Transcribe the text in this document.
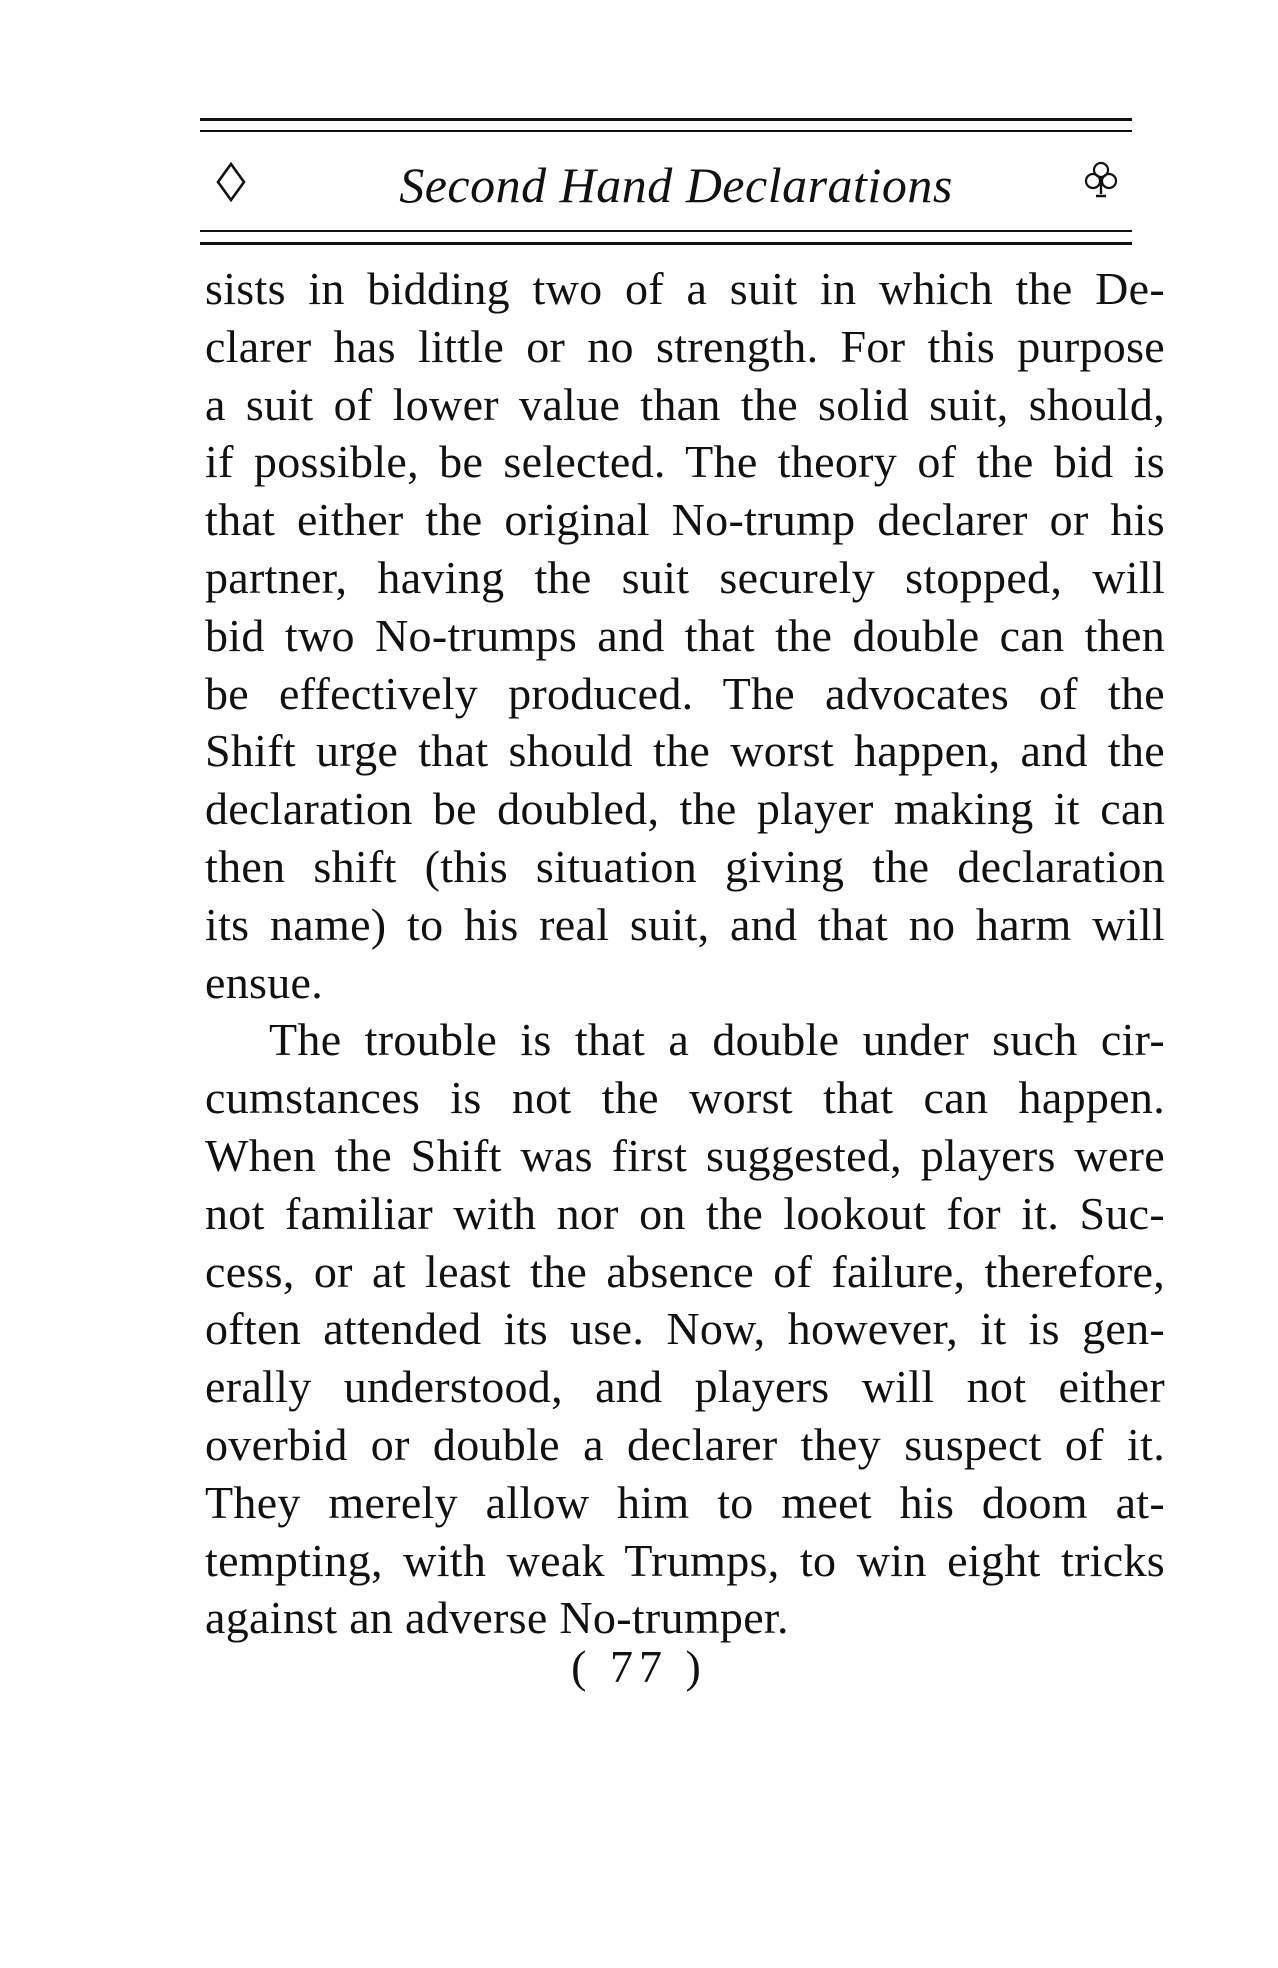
Second Hand Declarations
sists in bidding two of a suit in which the De-
clarer has little or no strength. For this purpose
a suit of lower value than the solid suit, should,
if possible, be selected. The theory of the bid is
that either the original No-trump declarer or his
partner, having the suit securely stopped, will
bid two No-trumps and that the double can then
be effectively produced. The advocates of the
Shift urge that should the worst happen, and the
declaration be doubled, the player making it can
then shift (this situation giving the declaration
its name) to his real suit, and that no harm will
ensue.
The trouble is that a double under such cir-
cumstances is not the worst that can happen.
When the Shift was first suggested, players were
not familiar with nor on the lookout for it. Suc-
cess, or at least the absence of failure, therefore,
often attended its use. Now, however, it is gen-
erally understood, and players will not either
overbid or double a declarer they suspect of it.
They merely allow him to meet his doom at-
tempting, with weak Trumps, to win eight tricks
against an adverse No-trumper.
( 77 )
